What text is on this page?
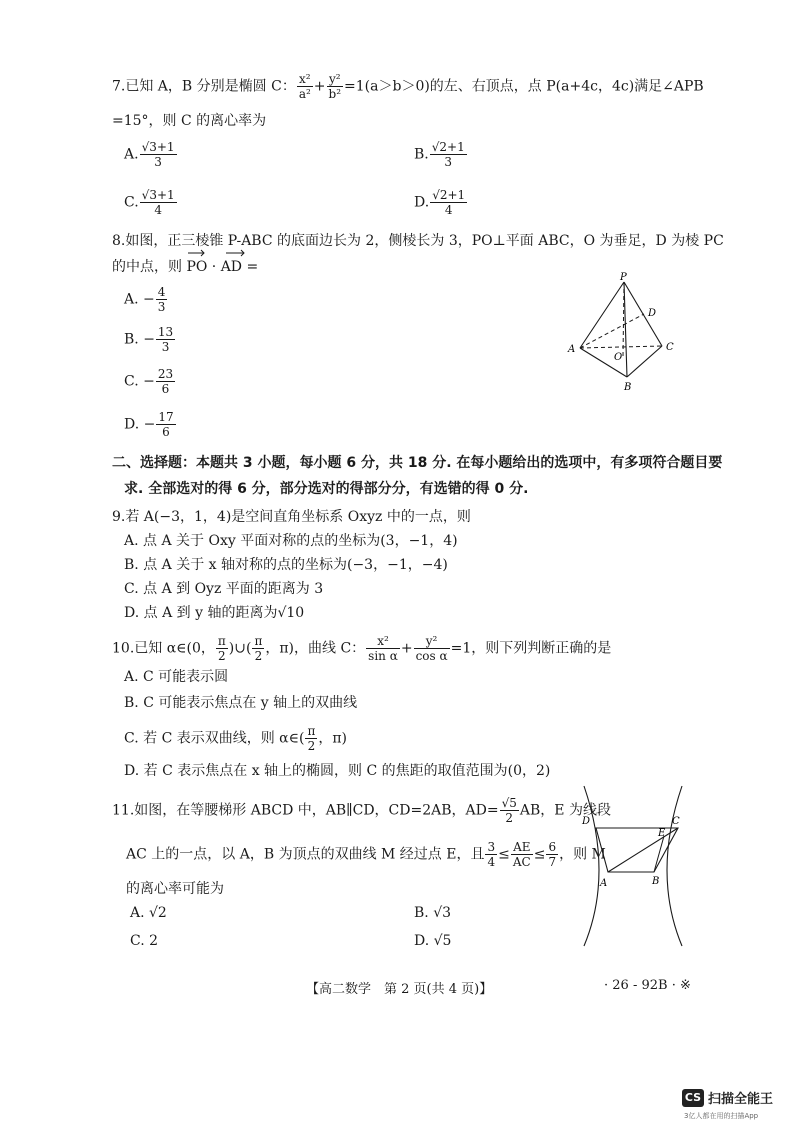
7.已知 A，B 分别是椭圆 C： $\frac{\text{x²}}{\text{a²}} + \frac{\text{y²}}{\text{b²}} =1(a>b>0)$的左、右顶点，点 P(a+4c，4c)满足∠APB
=15°，则 C 的离心率为
A. $\frac{√3+1}{3}$	B. $\frac{√2+1}{3}$
C. $\frac{√3+1}{4}$	D. $\frac{√2+1}{4}$
8.如图，正三棱锥 P-ABC 的底面边长为 2，侧棱长为 3，PO⊥平面 ABC，O 为垂足，D 为棱 PC
的中点，则 PO · AD =
A. − $\frac{4}{3}$
B. − $\frac{13}{3}$
C. − $\frac{23}{6}$
D. − $\frac{17}{6}$
P
D
A
O
C
B
二、选择题：本题共 3 小题，每小题 6 分，共 18 分. 在每小题给出的选项中，有多项符合题目要
求. 全部选对的得 6 分，部分选对的得部分分，有选错的得 0 分.
9.若 A(−3，1，4)是空间直角坐标系 Oxyz 中的一点，则
A. 点 A 关于 Oxy 平面对称的点的坐标为(3，−1，4)
B. 点 A 关于 x 轴对称的点的坐标为(−3，−1，−4)
C. 点 A 到 Oyz 平面的距离为 3
D. 点 A 到 y 轴的距离为√10
10.已知 α∈(0， $\frac{\pi}{2}$ )∪( $\frac{\pi}{2}$ ，π)，曲线 C： $\frac{\text{x²}}{\text{sin α}} + \frac{\text{y²}}{\text{cos α}} =1$，则下列判断正确的是
A. C 可能表示圆
B. C 可能表示焦点在 y 轴上的双曲线
C. 若 C 表示双曲线，则 α∈( $\frac{\pi}{2}$ ，π)
D. 若 C 表示焦点在 x 轴上的椭圆，则 C 的焦距的取值范围为(0，2)
11.如图，在等腰梯形 ABCD 中，AB∥CD，CD=2AB，$AD= \frac{√5}{2}$ AB，E 为线段
AC 上的一点，以 A，B 为顶点的双曲线 M 经过点 E，且 $\frac{3}{4} \le \frac{AE}{AC} \le \frac{6}{7}$ ，则 M
的离心率可能为
A. √2	B. √3
C. 2	D. √5
D
E
C
A	B
【高二数学　第 2 页(共 4 页)】	· 26 - 92B · ※
CS 扫描全能王
3亿人都在用的扫描App
